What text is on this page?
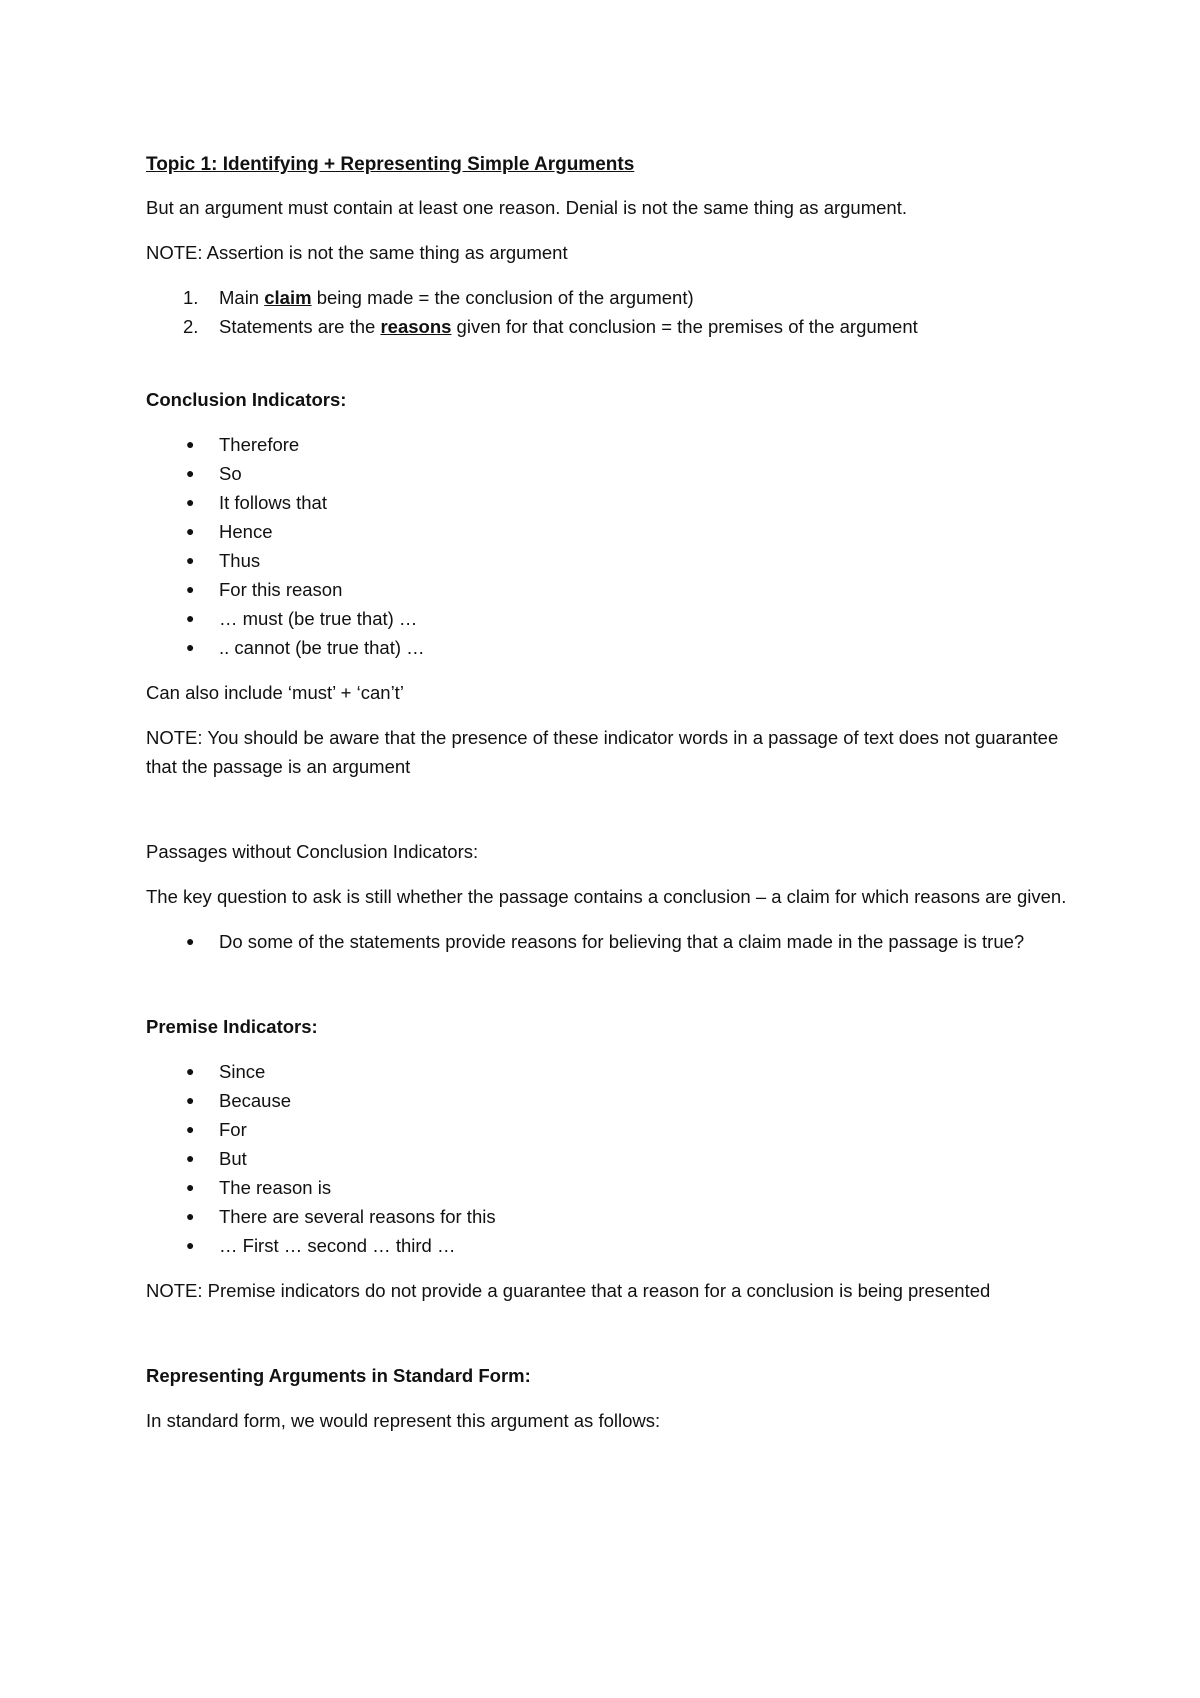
Topic 1: Identifying + Representing Simple Arguments

But an argument must contain at least one reason. Denial is not the same thing as argument.

NOTE: Assertion is not the same thing as argument

1. Main claim being made = the conclusion of the argument)
2. Statements are the reasons given for that conclusion = the premises of the argument
Conclusion Indicators:
● Therefore
● So
● It follows that
● Hence
● Thus
● For this reason
● … must (be true that) …
● .. cannot (be true that) …

Can also include ‘must’ + ‘can’t’

NOTE: You should be aware that the presence of these indicator words in a passage of text does not guarantee that the passage is an argument

Passages without Conclusion Indicators:

The key question to ask is still whether the passage contains a conclusion – a claim for which reasons are given.

● Do some of the statements provide reasons for believing that a claim made in the passage is true?
Premise Indicators:
● Since
● Because
● For
● But
● The reason is
● There are several reasons for this
● … First … second … third …

NOTE: Premise indicators do not provide a guarantee that a reason for a conclusion is being presented

Representing Arguments in Standard Form:

In standard form, we would represent this argument as follows:
